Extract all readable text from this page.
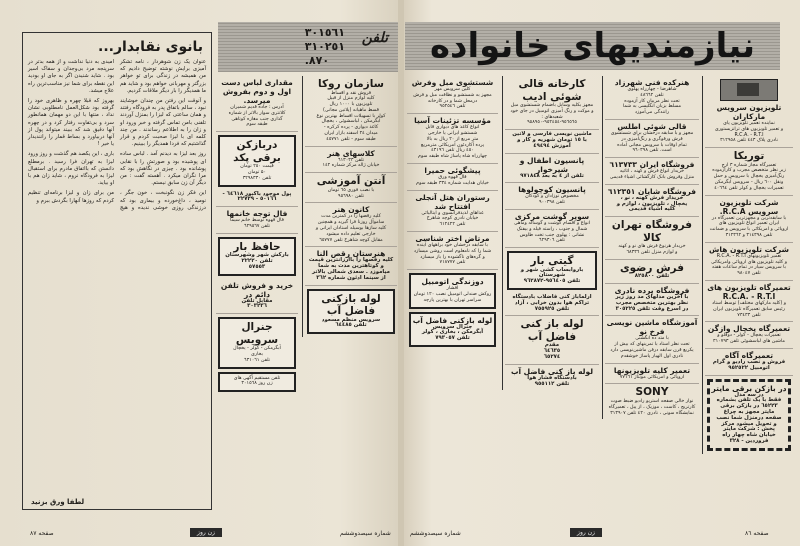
تلفن
٣٠١٥٦١
٣١٠٢٥١
٨٧٠.
بانوی نقابدار...

عنوان یک زن شوهردار ، نامه تشکر آمیزی برایش نوشته توضیح دادیم که من همیشه در زندگی برای تو خواهر بزرگتر و مهربانی خواهم بود و شاید هم ما همدیگر را بار دیگر ملاقات کردیم.

و آنوقت این رفتن من چندان خوشایند نبود ، سالم باتفاق پدر به فرودگاه رفتند و همان ساعتی که لیزا را بمنزل آوردند تلفنی بامن تماس گرفته و خبر ورود او و زان را به اطلاعم رساندند . من چند کلمه ای با لیزا صحبت کردم و قرار گذاشتیم که فردا همدیگر را ببینیم.

روز بعد لیزا به دیدنم آمد . لباس ساده ای پوشیده بود و صورتش را با نقابی پوشانده بود . چیزی در نگاهش بود که مرا نگران میکرد . آهسته گفت : من دیگر آن زن سابق نیستم.

این فکر زن نگونبخت ، خون جگر ، نومید ، داغ‌خورده و بیماری بود که درزندگی روزی خوشی ندیده و هیچ امیدی به دنیا نداشت و از همه بدتر در سرپنجه مرد بی‌وجدان و سفاک اسیر بود . شاید شنیدن اگر به جای او بودید این نقطه برای شما نیز مناسب‌ترین راه علاج میشد.

بهروز که قبلا چهره و ظاهری خود را گرفته بود شکل‌العمل نامطلوبی نشان نداد ، منتها با این دو مهمان همانطور سرد و بی‌تفاوت رفتار کرد و در چهره آنها دقیق شد که ببیند میتواند پول از آنها دربیاورد و بساط قمار را رانندیدار یا خیر !

باری ، این یکصد هم گذشت و روز ورود لیزا به تهران فرا رسید . برمطلع دانستن که بااتفاق مادرم برای استقبال لیزا به فرودگاه نروم ، شاید زان هم با او بیاید.

من برای زان و لیزا برنامه‌ای تنظیم کردم که روزها آنهارا بگردش ببرم و

لطفا ورق بزنید
صفحه ٨٧	زن روز	شماره سیصدوششم	شماره سیصدوششم	زن روز	صفحه ٨٦
نیازمندیهای خانواده
تلویزیون سرویس مارکاران
نماینده تعمیر تلویزیون پای
و تعمیر تلویزیون های ترانزیستوری
R.C.A. - R.T.I
نادری پلاک ٤٤٣ تلفن ٣١٢٩٥٨
توریکا
تعمیرگاه مجاز شماره ٣ ارج
زیر نظر متخصص مجرب و کارآزموده
رنگ‌آمیزی یخچال با سرویس و حمل
ونقل ٦٠٠ ریال - سرویس آبگرمکن
تعمیرات یخچال و کولر تلفن ٤٠٦٦٤
شرکت تلویزیون سرویس R.C.A.
با سابقه‌ترین و مجهزترین تعمیرگاه در
ایران تعمیر انواع تلویزیون های
اروپائی و امریکائی با سرویس و ضمانت
تلفن ٣١٤٣٩٨ و ٣١٢٣٦٢
شرکت تلویزیون هاش
تعمیر تلویزیونهای R.C.A. - R.T.I
و کلیه تلویزیون های اروپائی وامریکائی
با سرویس سیار در تمام ساعات هفته
تلفن ٩٨٠٤٧
تعمیرگاه تلویزیون های R.C.A. - R.T.I
و (کلیه مارکهای مختلف) توسط استاد
رئیس سابق تعمیرگاه تلویزیون ایران
تلفن ٧٣٤٣٣
تعمیرگاه یخچال وازگن
تعمیرات یخچال - کولر - دوقلو و
ماشین های لباسشوئی تلفن ٣١٠٧٩٣
تعمیرگاه آگاه
فروش و نصب رادیو و گرام
اتومبیل ٩٥٢٥٢٢
در بازکن برقی مایتر
در سه مدل
فقط با یک تلفن بشماره
٦٥٢٢٣ در بازکن برقی
مایتر مجهز به چراغ
صفحه درمنزل شما نصب
و تحویل میشود مرکز
پخش : شرکت مایتر
خیابان شاه چهار راه
فروردین - ٣٢٨
هنرکده فنی شهرزاد
شاهرضا - چهارراه پهلوی
تلفن ٤٨٦٦٢
تحت نظر مربیان کار آزموده
مسلط بزبان انگلیسی به شما
رانندگی می‌آموزد
قالی شوئی اطلس
مجهز و با سابقه درخشان برای شستشوی
فرش ورفوگری و رنگ‌آمیزی در
تمام اوقات با سرویس مجانی آماده
است. تلفن ٩٦٠٣٩٨
فروشگاه ایران ٦١٣٧٣٣
خریدار انواع فرش و کهنه ، اثاثیه
منزل وفروش بانک کارگشائی اشیاء قدیمی
فروشگاه شایان ٦١٢٣٥١
خریدار فرش کهنه ، نو ،
یخچال ، تلویزیون ، لوازم و
کلیه اشیاء قدیمی
فروشگاه تهران کالا
خریدار هرنوع فرش های نو و کهنه
و لوازم منزل تلفن ٦٨٣٣٦
فرش رضوی
تلفن ٨٢٥٨٠٠
فروشگاه پرده نادری
با آخرین مدلهای مد روز زیر
نظر بهترین متخصص مجرب
در اسرع وقت تلفن ٣٠٥٢٢٥
آموزشگاه ماشین نویسی فرخ نو
با متد ده انگشتی
تحت نظر استاد با تمرینهای که بیش از
یکربع قرن سابقه درفن ماشین‌نویسی دارد
نادری اول الهیار پاساژ خوشقدم
تعمیر کلیه تلویزیونها
اروپائی و امریکائی مونتاژ ٧٧١٦١
SONY
نوار خالی صفحه استریو رادیو ضبط صوت
کارتریج ، کاست ، موزیک ، از پیل ، تعمیرگاه
نمایشگاه سونی ، نادری ٤٢٠ تلفن ٣١٣٩٠٧
کارخانه قالی شوئی ادیب
مجهز بکلیه وسایل باضمام شستشوی مبل
و موکت و رنگ آمیزی اتومبیل در جای خود
شعبه‌های :
٩٥٦٥٦٥-٩٥٢٤٥٤-٩٥٨٩٥٠
ماشین نویسی فارسی و لاتین
با ١٥ تومان شهریه و کار و
آموزش ٤٩٤٩٤
پانسیون اطفال و شیرخوار
تلفن از ٤ به بعد ٩٧١٨٤٨
پانسیون کوچولوها
مخصوص نوزادان و کودکان
تلفن ٩٠٠٣٩٨
سوپر گوشت مرکزی
انواع و اقسام گوشت و گوساله وماهی
شمال و جنوب ، راسته فیله و بیفتک
نشانی : پهلوی جنب تخت طاوس
تلفن ٦٢٩٣٠٦
گیتی بار
باروابساب کشی شهر و شهرستان
تلفن ٩٥٦٤٠٥-٩٦٢٨٧٢
ارلماباز کنی فاضلاب بادستگاه
تراکم هوا بدون خرابی ، آزاد
تلفن ٧٥٥٩٢٥
لوله باز کنی فاضل آب
مقدم
٦٤٦٣٥
٦٥٢٧٤
لوله باز کنی فاضل آب
بادستگاه فشار هوا
تلفن ٩٥٥١١٢
شستشوی مبل وفرش
کلین سرویس مهر
مجهز به شستشو و نظافت مبل و فرش
درمحل شما و در کارخانه
تلفن ٩٥٢٥٤٦
مؤسسه تزئینات آسیا
انواع کاغذ های دیواری قابل
شستشو ایرانی یا خارجی
متر مربع از ٢٠ ریال به بالا
پرده آکاردئون آمریکائی مترمربع
٤٥٠ ریال تلفن ٤٣١٩٦
چهارراه شاه پاساژ شاه طبقه سوم
پیشگوئی حمیرا
فال قهوه ورق
خیابان هدایت شماره ٣٣٤ طبقه سوم
رستوران هتل آنجلی افتتاح شد
غذاهای لذیذ‌فرانسوی و ایتالیائی
خیابان نادری کوچه شاهرخ
تلفن ٦١٢٤٢٢
مرتاض اختر شناسی
با سابقه درخشان خود براههای آینده
شما را که نامعلوم است روشن میسازد
و گره‌های ناگشوده را باز میسازد
تلفن ٧١٨٧٧٧
دوزندگی اتومبیل
افشار
روکش صندلی اتومبیل نصب ١٢٠ تومان
سراسر تهران با بهترین پارچه
لوله بازکنی فاضل آب
جنرال سرویس
آبگرمکن ، بخاری ، کولر
تلفن ٧٩٣٠٥٧
سازمان روکا
فروش نقد و اقساط
کلیه لوازم منزل از قبیل
تلویزیون با ١٠٠٠ ریال
قسط ماهیانه (پلاتین مجانی)
کولر با تسهیلات اقساط بهترین نوع
آبگرمکن ، لباسشوئی ، یخچال
کاغذ دیواری - پرده کرکره -
میدان ٢٤ اسفند بازار ایران
طبقه سوم - تلفن ٤٥٧٧١
کلاسهای هنر
تلفن ٦١٣٠٣٣
خیابان ژاله مرکز شماره ١٤٢
آنتن آموزشی
با نصب فوری ٦٥ تومان
تلفن ٩٥٦٩٨٠
کانون هنر
کلیه رقصها را در کمترین مدت
ساموآل روزنا فرا گیرید و همچنین
کلیه سازها بوسیله استادان ایرانی و
خارجی تعلیم داده میشود
مقابل کوچه شاهرخ تلفن ٦٥٧٧٧
هنرستان رقص النا
کلیه رقصها را باارزانترین قیمت
و کوتاهترین مدت به شما
میاموزد . سعدی شمالی بالاتر
از سینما ادئون شماره ٣٦٢
لوله بازکنی فاضل آب
سرویس منظم مسعود
تلفن ٦٤٤٨٥
مقداری لباس دست اول و دوم بفروش میرسد.
آدرس : جاده قدیم شمیران
کلانتری سوار بالاتر از شماره
گذاری جنب مغازه کوتاهی
طبقه سوم
دربازکن برقی پکد
قیمت ٢٥٠ تومان
۵٠ تومان
تلفن ٣٢٩٨٣٣٠
پول موجود باکبور ٦٤٦١٨ -
٥٠١٦٦ - ٢٢٧٢٩
فال توجه خانمها
فال قهوه توسط خانم سیما
تلفن ٦٢٩٥٦٧
حافظ بار
بارکش شهر وشهرستان
تلفن ٢٢٢٢٠
٥٧٥٥٣
خرید و فروش تلفن دائم در
مقابل تلفن
٣٠٣٢٣٦
جنرال سرویس
آبگرمکن - کولر - یخچال
بخاری
تلفن ٦٣١٠٦١
تلفن مستقیم آگهی های
زن روز ٣٠١٥٦٨
